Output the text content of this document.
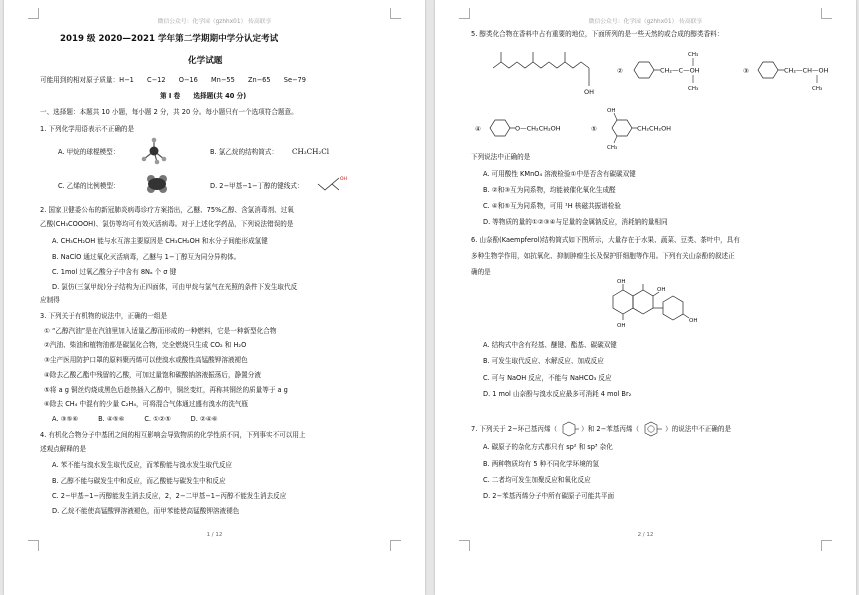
微信公众号：化学园（gzhhx01） 传高联享
2019 级 2020—2021 学年第二学期期中学分认定考试
化学试题
可能用到的相对原子质量：H−1　　C−12　　O−16　　Mn−55　　Zn−65　　Se−79
第 I 卷　　选择题(共 40 分)
一、选择题：本题共 10 小题，每小题 2 分，共 20 分。每小题只有一个选项符合题意。
1. 下列化学用语表示不正确的是
A. 甲烷的球棍模型：	B. 氯乙烷的结构简式： CH₃CH₂Cl
C. 乙烯的比例模型：	D. 2−甲基−1−丁醇的键线式：
OH
2. 国家卫健委公布的新冠肺炎病毒诊疗方案指出，乙醚、75%乙醇、含氯消毒剂、过氧
乙酸(CH₃COOOH)、氯仿等均可有效灭活病毒。对于上述化学药品，下列说法错误的是
A. CH₃CH₂OH 能与水互溶主要原因是 CH₃CH₂OH 和水分子间能形成氢键
B. NaClO 通过氧化灭活病毒，乙醚与 1−丁醇互为同分异构体。
C. 1mol 过氧乙酸分子中含有 8Nₐ 个 σ 键
D. 氯仿(三氯甲烷)分子结构为正四面体，可由甲烷与氯气在光照的条件下发生取代反
应制得
3. 下列关于有机物的说法中，正确的一组是
① “乙醇汽油”是在汽油里加入适量乙醇而形成的一种燃料，它是一种新型化合物
②汽油、柴油和植物油都是碳氢化合物，完全燃烧只生成 CO₂ 和 H₂O
③尘产医用防护口罩的原料聚丙烯可以使溴水或酸性高锰酸钾溶液褪色
④除去乙酸乙酯中残留的乙酸，可加过量饱和碳酸钠溶液振荡后，静置分液
⑤将 a g 铜丝灼烧成黑色后趁热插入乙醇中，铜丝变红，再称其铜丝的质量等于 a g
⑥除去 CH₄ 中混有的少量 C₂H₄，可将混合气体通过盛有溴水的洗气瓶
A. ③⑤⑥　　　B. ④⑤⑥　　　C. ①②⑤　　　D. ②④⑥
4. 有机化合物分子中基团之间的相互影响会导致物质的化学性质不同，下列事实不可以用上
述观点解释的是
A. 苯不能与溴水发生取代反应，而苯酚能与溴水发生取代反应
B. 乙醇不能与碳发生中和反应，而乙酸能与碳发生中和反应
C. 2−甲基−1−丙醇能发生消去反应，2，2−二甲基−1−丙醇不能发生消去反应
D. 乙烷不能使高锰酸钾溶液褪色，而甲苯能使高锰酸钾溶液褪色
1 / 12
微信公众号：化学园（gzhhx01） 传高联享
5. 醇类化合物在香料中占有重要的地位，下面所列的是一些天然的或合成的醇类香料：
OH
②	CH₂—C—OH
CH₃
CH₃
③	CH₂—CH—OH
CH₃
④	O—CH₂CH₂OH	⑤
OH
CH₃
CH₂CH₂OH
下列说法中正确的是
A. 可用酸性 KMnO₄ 溶液检验①中是否含有碳碳双键
B. ②和③互为同系物，均能被催化氧化生成醛
C. ④和⑤互为同系物，可用 ¹H 核磁共振谱检验
D. 等物质的量的①②③④与足量的金属钠反应，消耗钠的量相同
6. 山奈酚(Kaempferol)结构简式如下图所示，大量存在于水果、蔬菜、豆类、茶叶中，具有
多种生物学作用，如抗氧化、抑制肿瘤生长及保护肝细胞等作用。下列有关山奈酚的叙述正
确的是
OH
OH
OH
OH
A. 结构式中含有羟基、醚键、酯基、碳碳双键
B. 可发生取代反应、水解反应、加成反应
C. 可与 NaOH 反应，不能与 NaHCO₃ 反应
D. 1 mol 山奈酚与溴水反应最多可消耗 4 mol Br₂
7. 下列关于 2−环己基丙烯（	）和 2−苯基丙烯（	）的说法中不正确的是
A. 碳原子的杂化方式都只有 sp² 和 sp³ 杂化
B. 两种物质均有 5 种不同化学环境的氢
C. 二者均可发生加聚反应和氧化反应
D. 2−苯基丙烯分子中所有碳原子可能共平面
2 / 12
